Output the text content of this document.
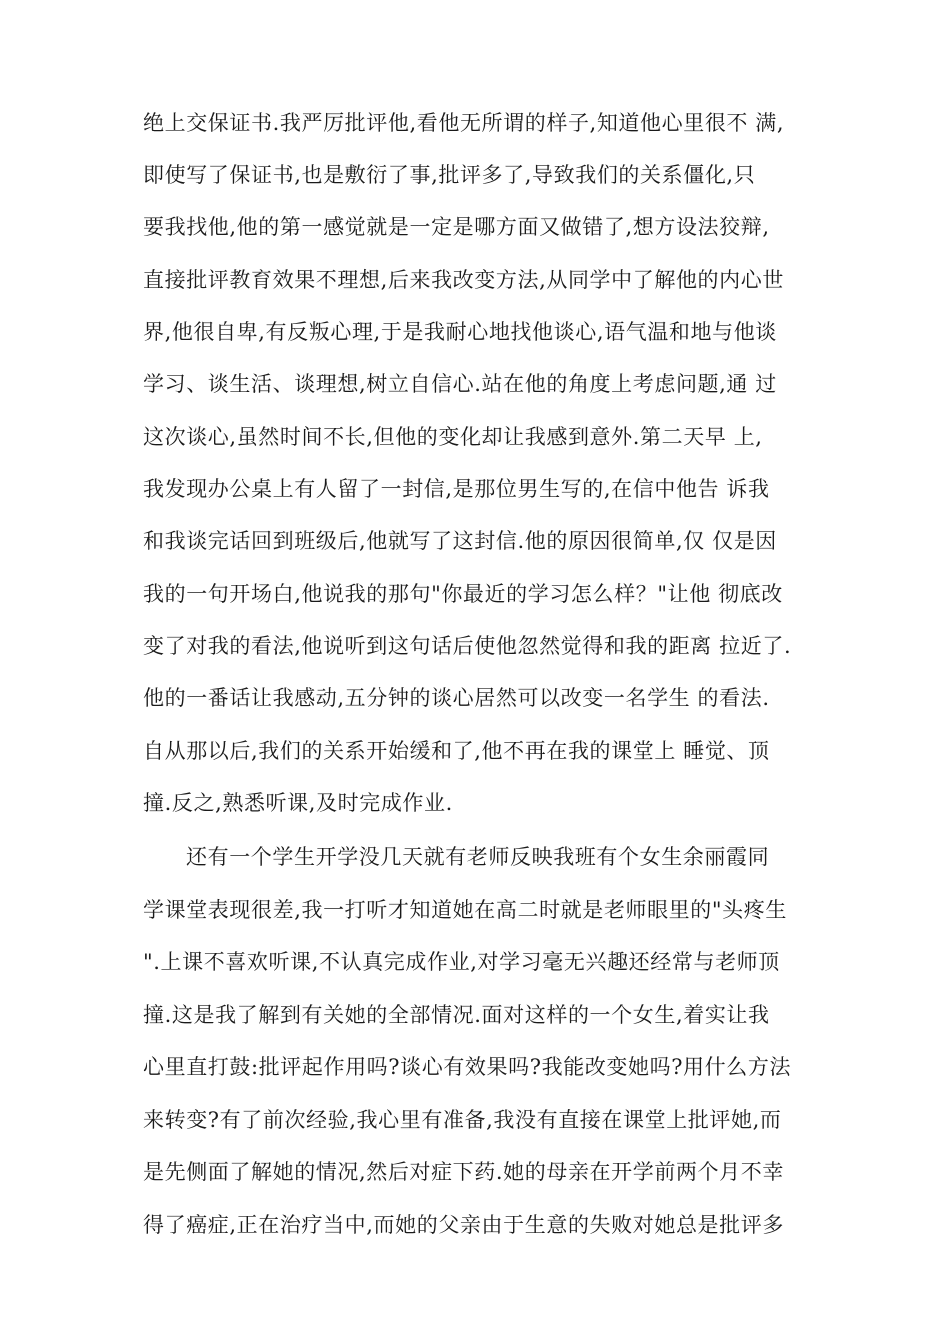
绝上交保证书.我严厉批评他,看他无所谓的样子,知道他心里很不 满,
即使写了保证书,也是敷衍了事,批评多了,导致我们的关系僵化,只
要我找他,他的第一感觉就是一定是哪方面又做错了,想方设法狡辩,
直接批评教育效果不理想,后来我改变方法,从同学中了解他的内心世
界,他很自卑,有反叛心理,于是我耐心地找他谈心,语气温和地与他谈
学习、谈生活、谈理想,树立自信心.站在他的角度上考虑问题,通 过
这次谈心,虽然时间不长,但他的变化却让我感到意外.第二天早 上,
我发现办公桌上有人留了一封信,是那位男生写的,在信中他告 诉我
和我谈完话回到班级后,他就写了这封信.他的原因很简单,仅 仅是因
我的一句开场白,他说我的那句"你最近的学习怎么样？"让他 彻底改
变了对我的看法,他说听到这句话后使他忽然觉得和我的距离 拉近了.
他的一番话让我感动,五分钟的谈心居然可以改变一名学生 的看法.
自从那以后,我们的关系开始缓和了,他不再在我的课堂上 睡觉、顶
撞.反之,熟悉听课,及时完成作业.
还有一个学生开学没几天就有老师反映我班有个女生余丽霞同
学课堂表现很差,我一打听才知道她在高二时就是老师眼里的"头疼生
".上课不喜欢听课,不认真完成作业,对学习毫无兴趣还经常与老师顶
撞.这是我了解到有关她的全部情况.面对这样的一个女生,着实让我
心里直打鼓:批评起作用吗?谈心有效果吗?我能改变她吗?用什么方法
来转变?有了前次经验,我心里有准备,我没有直接在课堂上批评她,而
是先侧面了解她的情况,然后对症下药.她的母亲在开学前两个月不幸
得了癌症,正在治疗当中,而她的父亲由于生意的失败对她总是批评多
